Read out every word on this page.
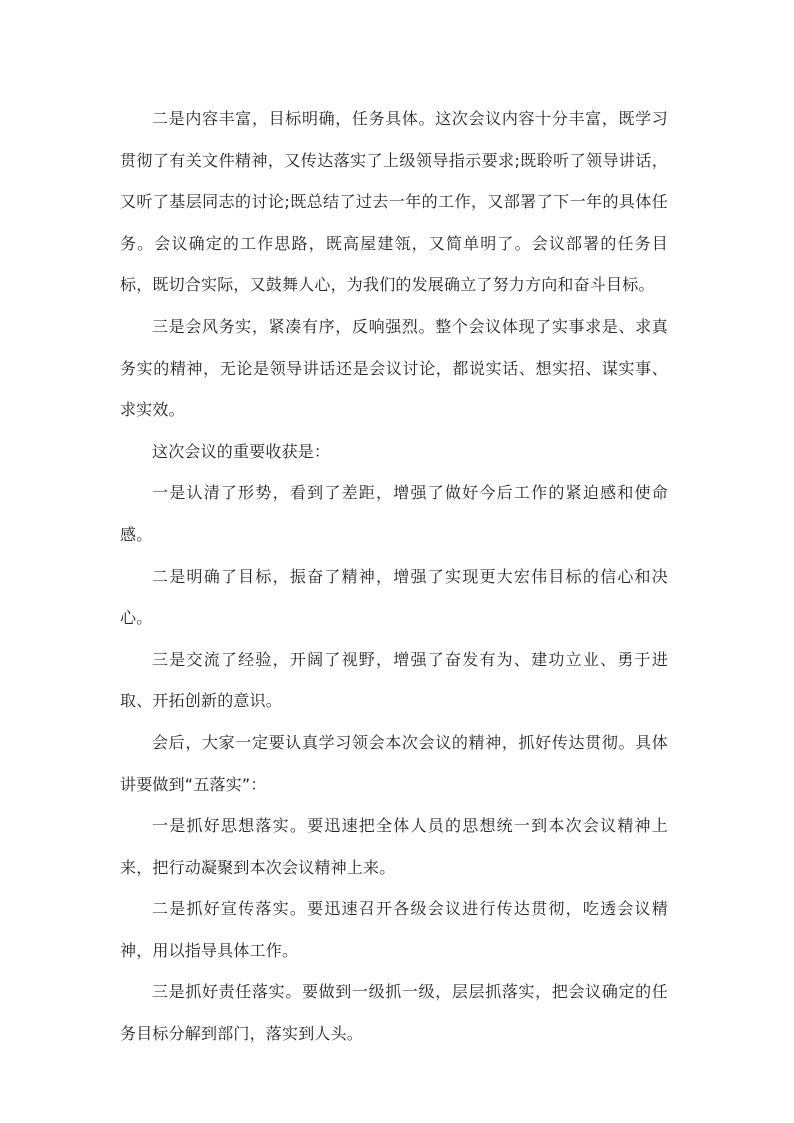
二是内容丰富，目标明确，任务具体。这次会议内容十分丰富，既学习贯彻了有关文件精神，又传达落实了上级领导指示要求;既聆听了领导讲话，又听了基层同志的讨论;既总结了过去一年的工作，又部署了下一年的具体任务。会议确定的工作思路，既高屋建瓴，又简单明了。会议部署的任务目标，既切合实际，又鼓舞人心，为我们的发展确立了努力方向和奋斗目标。

三是会风务实，紧凑有序，反响强烈。整个会议体现了实事求是、求真务实的精神，无论是领导讲话还是会议讨论，都说实话、想实招、谋实事、求实效。

这次会议的重要收获是：

一是认清了形势，看到了差距，增强了做好今后工作的紧迫感和使命感。

二是明确了目标，振奋了精神，增强了实现更大宏伟目标的信心和决心。

三是交流了经验，开阔了视野，增强了奋发有为、建功立业、勇于进取、开拓创新的意识。

会后，大家一定要认真学习领会本次会议的精神，抓好传达贯彻。具体讲要做到“五落实”：

一是抓好思想落实。要迅速把全体人员的思想统一到本次会议精神上来，把行动凝聚到本次会议精神上来。

二是抓好宣传落实。要迅速召开各级会议进行传达贯彻，吃透会议精神，用以指导具体工作。

三是抓好责任落实。要做到一级抓一级，层层抓落实，把会议确定的任务目标分解到部门，落实到人头。
